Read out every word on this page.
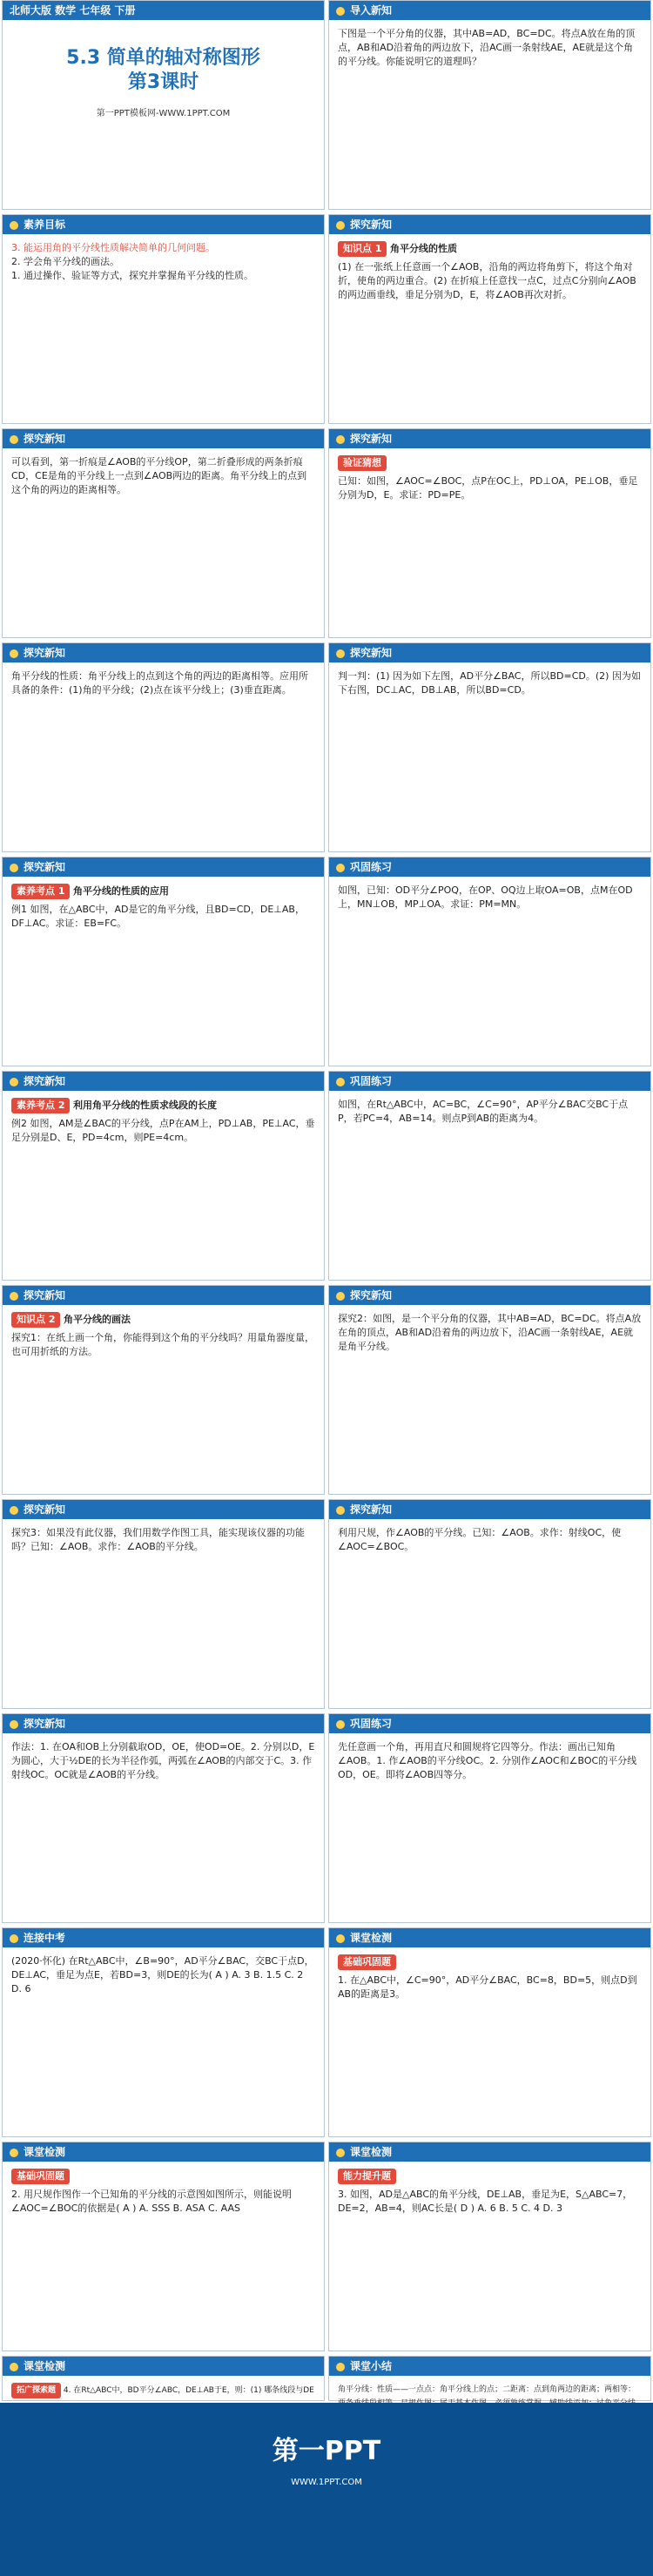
北师大版 数学 七年级 下册
5.3 简单的轴对称图形
第3课时
第一PPT模板网-WWW.1PPT.COM
导入新知
下图是一个平分角的仪器，其中AB=AD，BC=DC。将点A放在角的顶点，AB和AD沿着角的两边放下，沿AC画一条射线AE，AE就是这个角的平分线。你能说明它的道理吗？
素养目标
3. 能运用角的平分线性质解决简单的几何问题。
2. 学会角平分线的画法。
1. 通过操作、验证等方式，探究并掌握角平分线的性质。
探究新知
知识点 1 角平分线的性质
(1) 在一张纸上任意画一个∠AOB，沿角的两边将角剪下，将这个角对折，使角的两边重合。(2) 在折痕上任意找一点C，过点C分别向∠AOB的两边画垂线，垂足分别为D，E，将∠AOB再次对折。
探究新知
可以看到，第一折痕是∠AOB的平分线OP，第二折叠形成的两条折痕CD，CE是角的平分线上一点到∠AOB两边的距离。角平分线上的点到这个角的两边的距离相等。
探究新知
验证猜想
已知：如图，∠AOC=∠BOC，点P在OC上，PD⊥OA，PE⊥OB，垂足分别为D，E。求证：PD=PE。
探究新知
角平分线的性质：角平分线上的点到这个角的两边的距离相等。应用所具备的条件：(1)角的平分线；(2)点在该平分线上；(3)垂直距离。
探究新知
判一判：(1) 因为如下左图，AD平分∠BAC，所以BD=CD。(2) 因为如下右图，DC⊥AC，DB⊥AB，所以BD=CD。
探究新知
素养考点 1 角平分线的性质的应用
例1 如图，在△ABC中，AD是它的角平分线，且BD=CD，DE⊥AB，DF⊥AC。求证：EB=FC。
巩固练习
如图，已知：OD平分∠POQ，在OP、OQ边上取OA=OB，点M在OD上，MN⊥OB，MP⊥OA。求证：PM=MN。
探究新知
素养考点 2 利用角平分线的性质求线段的长度
例2 如图，AM是∠BAC的平分线，点P在AM上，PD⊥AB，PE⊥AC，垂足分别是D、E，PD=4cm，则PE=4cm。
巩固练习
如图，在Rt△ABC中，AC=BC，∠C=90°，AP平分∠BAC交BC于点P，若PC=4，AB=14。则点P到AB的距离为4。
探究新知
知识点 2 角平分线的画法
探究1：在纸上画一个角，你能得到这个角的平分线吗？用量角器度量，也可用折纸的方法。
探究新知
探究2：如图，是一个平分角的仪器，其中AB=AD，BC=DC。将点A放在角的顶点，AB和AD沿着角的两边放下，沿AC画一条射线AE，AE就是角平分线。
探究新知
探究3：如果没有此仪器，我们用数学作图工具，能实现该仪器的功能吗？已知：∠AOB。求作：∠AOB的平分线。
探究新知
利用尺规，作∠AOB的平分线。已知：∠AOB。求作：射线OC，使∠AOC=∠BOC。
探究新知
作法：1. 在OA和OB上分别截取OD，OE，使OD=OE。2. 分别以D，E为圆心，大于½DE的长为半径作弧，两弧在∠AOB的内部交于C。3. 作射线OC。OC就是∠AOB的平分线。
巩固练习
先任意画一个角，再用直尺和圆规将它四等分。作法：画出已知角∠AOB。1. 作∠AOB的平分线OC。2. 分别作∠AOC和∠BOC的平分线OD，OE。即将∠AOB四等分。
连接中考
(2020·怀化) 在Rt△ABC中，∠B=90°，AD平分∠BAC，交BC于点D，DE⊥AC，垂足为点E，若BD=3，则DE的长为( A ) A. 3 B. 1.5 C. 2 D. 6
课堂检测
基础巩固题
1. 在△ABC中，∠C=90°，AD平分∠BAC，BC=8，BD=5，则点D到AB的距离是3。
课堂检测
基础巩固题
2. 用尺规作图作一个已知角的平分线的示意图如图所示，则能说明∠AOC=∠BOC的依据是( A ) A. SSS B. ASA C. AAS
课堂检测
能力提升题
3. 如图，AD是△ABC的角平分线，DE⊥AB，垂足为E，S△ABC=7，DE=2，AB=4，则AC长是( D ) A. 6 B. 5 C. 4 D. 3
课堂检测
拓广探索题 4. 在Rt△ABC中，BD平分∠ABC，DE⊥AB于E，则：(1) 哪条线段与DE
课堂小结
角平分线：性质——一点点：角平分线上的点；二距离：点到角两边的距离；两相等：
第一PPT
WWW.1PPT.COM
